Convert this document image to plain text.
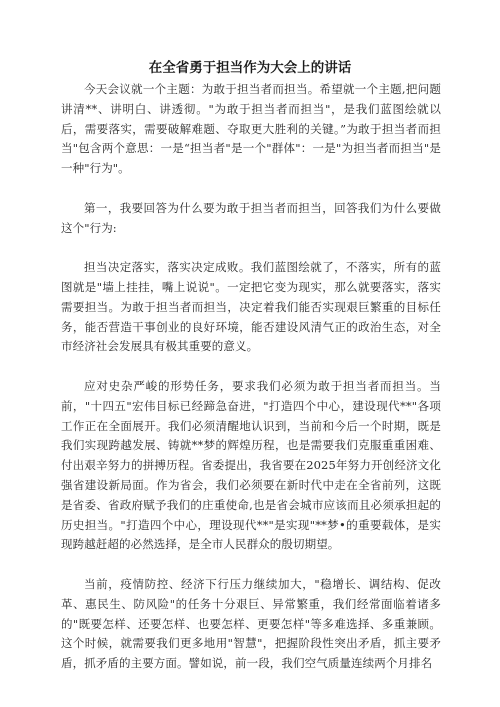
在全省勇于担当作为大会上的讲话

今天会议就一个主题：为敢于担当者而担当。希望就一个主题,把问题讲清**、讲明白、讲透彻。"为敢于担当者而担当"，是我们蓝图绘就以后，需要落实，需要破解难题、夺取更大胜利的关键。”为敢于担当者而担当"包含两个意思：一是“担当者"是一个"群体"：一是"为担当者而担当"是一种"行为"。

第一，我要回答为什么要为敢于担当者而担当，回答我们为什么要做这个"行为:

担当决定落实，落实决定成败。我们蓝图绘就了，不落实，所有的蓝图就是"墙上挂挂，嘴上说说"。一定把它变为现实，那么就要落实，落实需要担当。为敢于担当者而担当，决定着我们能否实现艰巨繁重的目标任务，能否营造干事创业的良好环境，能否建设风清气正的政治生态，对全市经济社会发展具有极其重要的意义。

应对史杂严峻的形势任务，要求我们必须为敢于担当者而担当。当前，"十四五"宏伟目标已经蹄急奋进，"打造四个中心，建设现代**"各项工作正在全面展开。我们必须清醒地认识到，当前和今后一个时期，既是我们实现跨越发展、铸就**梦的辉煌历程，也是需要我们克服重重困难、付出艰辛努力的拼搏历程。省委提出，我省要在2025年努力开创经济文化强省建设新局面。作为省会，我们必须要在新时代中走在全省前列，这既是省委、省政府赋予我们的庄重使命,也是省会城市应该而且必须承担起的历史担当。"打造四个中心，理设现代**"是实现"**梦•的重要载体，是实现跨越赶超的必然选择，是全市人民群众的殷切期望。

当前，疫情防控、经济下行压力继续加大，"稳增长、调结构、促改革、惠民生、防风险"的任务十分艰巨、异常繁重，我们经常面临着诸多的"既要怎样、还要怎样、也要怎样、更要怎样"等多难选择、多重兼顾。这个时候，就需要我们更多地用"智慧"，把握阶段性突出矛盾，抓主要矛盾，抓矛盾的主要方面。譬如说，前一段，我们空气质量连续两个月排名
